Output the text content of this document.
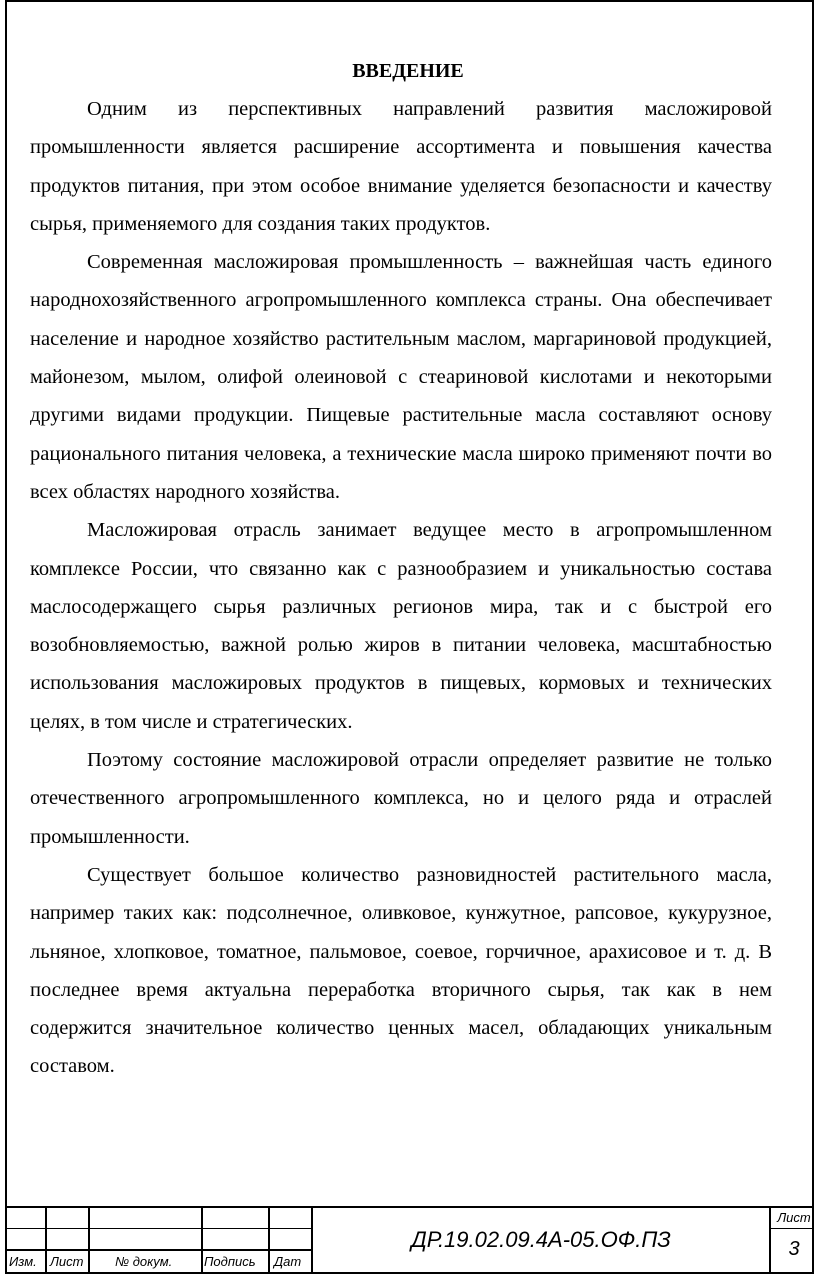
ВВЕДЕНИЕ

Одним из перспективных направлений развития масложировой промышленности является расширение ассортимента и повышения качества продуктов питания, при этом особое внимание уделяется безопасности и качеству сырья, применяемого для создания таких продуктов.

Современная масложировая промышленность – важнейшая часть единого народнохозяйственного агропромышленного комплекса страны. Она обеспечивает население и народное хозяйство растительным маслом, маргариновой продукцией, майонезом, мылом, олифой олеиновой с стеариновой кислотами и некоторыми другими видами продукции. Пищевые растительные масла составляют основу рационального питания человека, а технические масла широко применяют почти во всех областях народного хозяйства.

Масложировая отрасль занимает ведущее место в агропромышленном комплексе России, что связанно как с разнообразием и уникальностью состава маслосодержащего сырья различных регионов мира, так и с быстрой его возобновляемостью, важной ролью жиров в питании человека, масштабностью использования масложировых продуктов в пищевых, кормовых и технических целях, в том числе и стратегических.

Поэтому состояние масложировой отрасли определяет развитие не только отечественного агропромышленного комплекса, но и целого ряда и отраслей промышленности.

Существует большое количество разновидностей растительного масла, например таких как: подсолнечное, оливковое, кунжутное, рапсовое, кукурузное, льняное, хлопковое, томатное, пальмовое, соевое, горчичное, арахисовое и т. д. В последнее время актуальна переработка вторичного сырья, так как в нем содержится значительное количество ценных масел, обладающих уникальным составом.

Изм. Лист № докум. Подпись Дат
ДР.19.02.09.4А-05.ОФ.ПЗ
Лист
3
